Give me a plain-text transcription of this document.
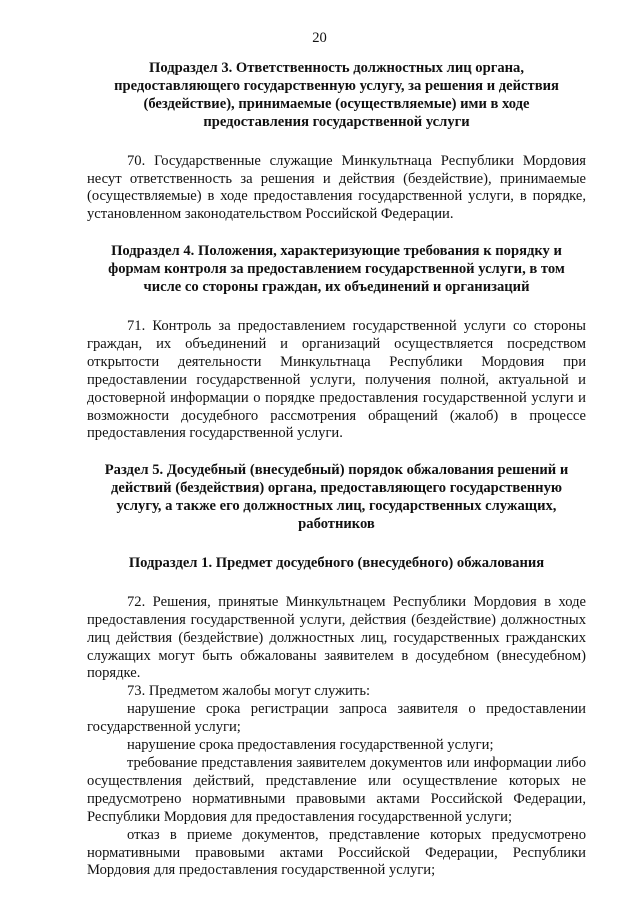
20
Подраздел 3. Ответственность должностных лиц органа,
предоставляющего государственную услугу, за решения и действия
(бездействие), принимаемые (осуществляемые) ими в ходе
предоставления государственной услуги

70. Государственные служащие Минкультнаца Республики Мордовия несут ответственность за решения и действия (бездействие), принимаемые (осуществляемые) в ходе предоставления государственной услуги, в порядке, установленном законодательством Российской Федерации.

Подраздел 4. Положения, характеризующие требования к порядку и
формам контроля за предоставлением государственной услуги, в том
числе со стороны граждан, их объединений и организаций

71. Контроль за предоставлением государственной услуги со стороны граждан, их объединений и организаций осуществляется посредством открытости деятельности Минкультнаца Республики Мордовия при предоставлении государственной услуги, получения полной, актуальной и достоверной информации о порядке предоставления государственной услуги и возможности досудебного рассмотрения обращений (жалоб) в процессе предоставления государственной услуги.

Раздел 5. Досудебный (внесудебный) порядок обжалования решений и
действий (бездействия) органа, предоставляющего государственную
услугу, а также его должностных лиц, государственных служащих,
работников
Подраздел 1. Предмет досудебного (внесудебного) обжалования

72. Решения, принятые Минкультнацем Республики Мордовия в ходе предоставления государственной услуги, действия (бездействие) должностных лиц действия (бездействие) должностных лиц, государственных гражданских служащих могут быть обжалованы заявителем в досудебном (внесудебном) порядке.

73. Предметом жалобы могут служить:

нарушение срока регистрации запроса заявителя о предоставлении государственной услуги;

нарушение срока предоставления государственной услуги;

требование представления заявителем документов или информации либо осуществления действий, представление или осуществление которых не предусмотрено нормативными правовыми актами Российской Федерации, Республики Мордовия для предоставления государственной услуги;

отказ в приеме документов, представление которых предусмотрено нормативными правовыми актами Российской Федерации, Республики Мордовия для предоставления государственной услуги;
